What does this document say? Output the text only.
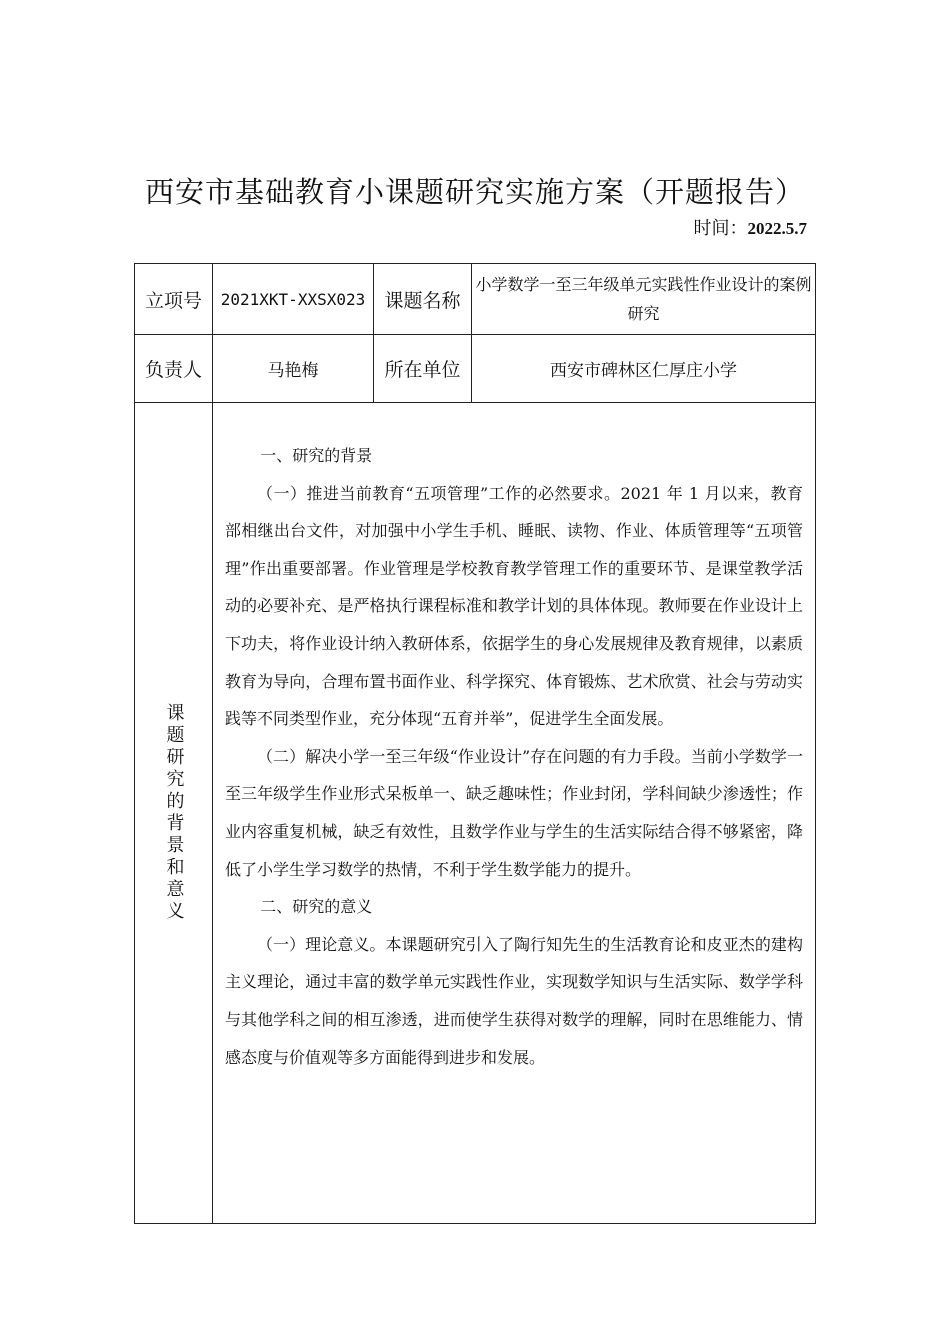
西安市基础教育小课题研究实施方案（开题报告）
时间：2022.5.7
立项号	2021XKT-XXSX023	课题名称	小学数学一至三年级单元实践性作业设计的案例研究
负责人	马艳梅	所在单位	西安市碑林区仁厚庄小学

课题研究的背景和意义	一、研究的背景

（一）推进当前教育“五项管理”工作的必然要求。2021 年 1 月以来，教育部相继出台文件，对加强中小学生手机、睡眠、读物、作业、体质管理等“五项管理”作出重要部署。作业管理是学校教育教学管理工作的重要环节、是课堂教学活动的必要补充、是严格执行课程标准和教学计划的具体体现。教师要在作业设计上下功夫，将作业设计纳入教研体系，依据学生的身心发展规律及教育规律，以素质教育为导向，合理布置书面作业、科学探究、体育锻炼、艺术欣赏、社会与劳动实践等不同类型作业，充分体现“五育并举”，促进学生全面发展。

（二）解决小学一至三年级“作业设计”存在问题的有力手段。当前小学数学一至三年级学生作业形式呆板单一、缺乏趣味性；作业封闭，学科间缺少渗透性；作业内容重复机械，缺乏有效性，且数学作业与学生的生活实际结合得不够紧密，降低了小学生学习数学的热情，不利于学生数学能力的提升。

二、研究的意义

（一）理论意义。本课题研究引入了陶行知先生的生活教育论和皮亚杰的建构主义理论，通过丰富的数学单元实践性作业，实现数学知识与生活实际、数学学科与其他学科之间的相互渗透，进而使学生获得对数学的理解，同时在思维能力、情感态度与价值观等多方面能得到进步和发展。		
